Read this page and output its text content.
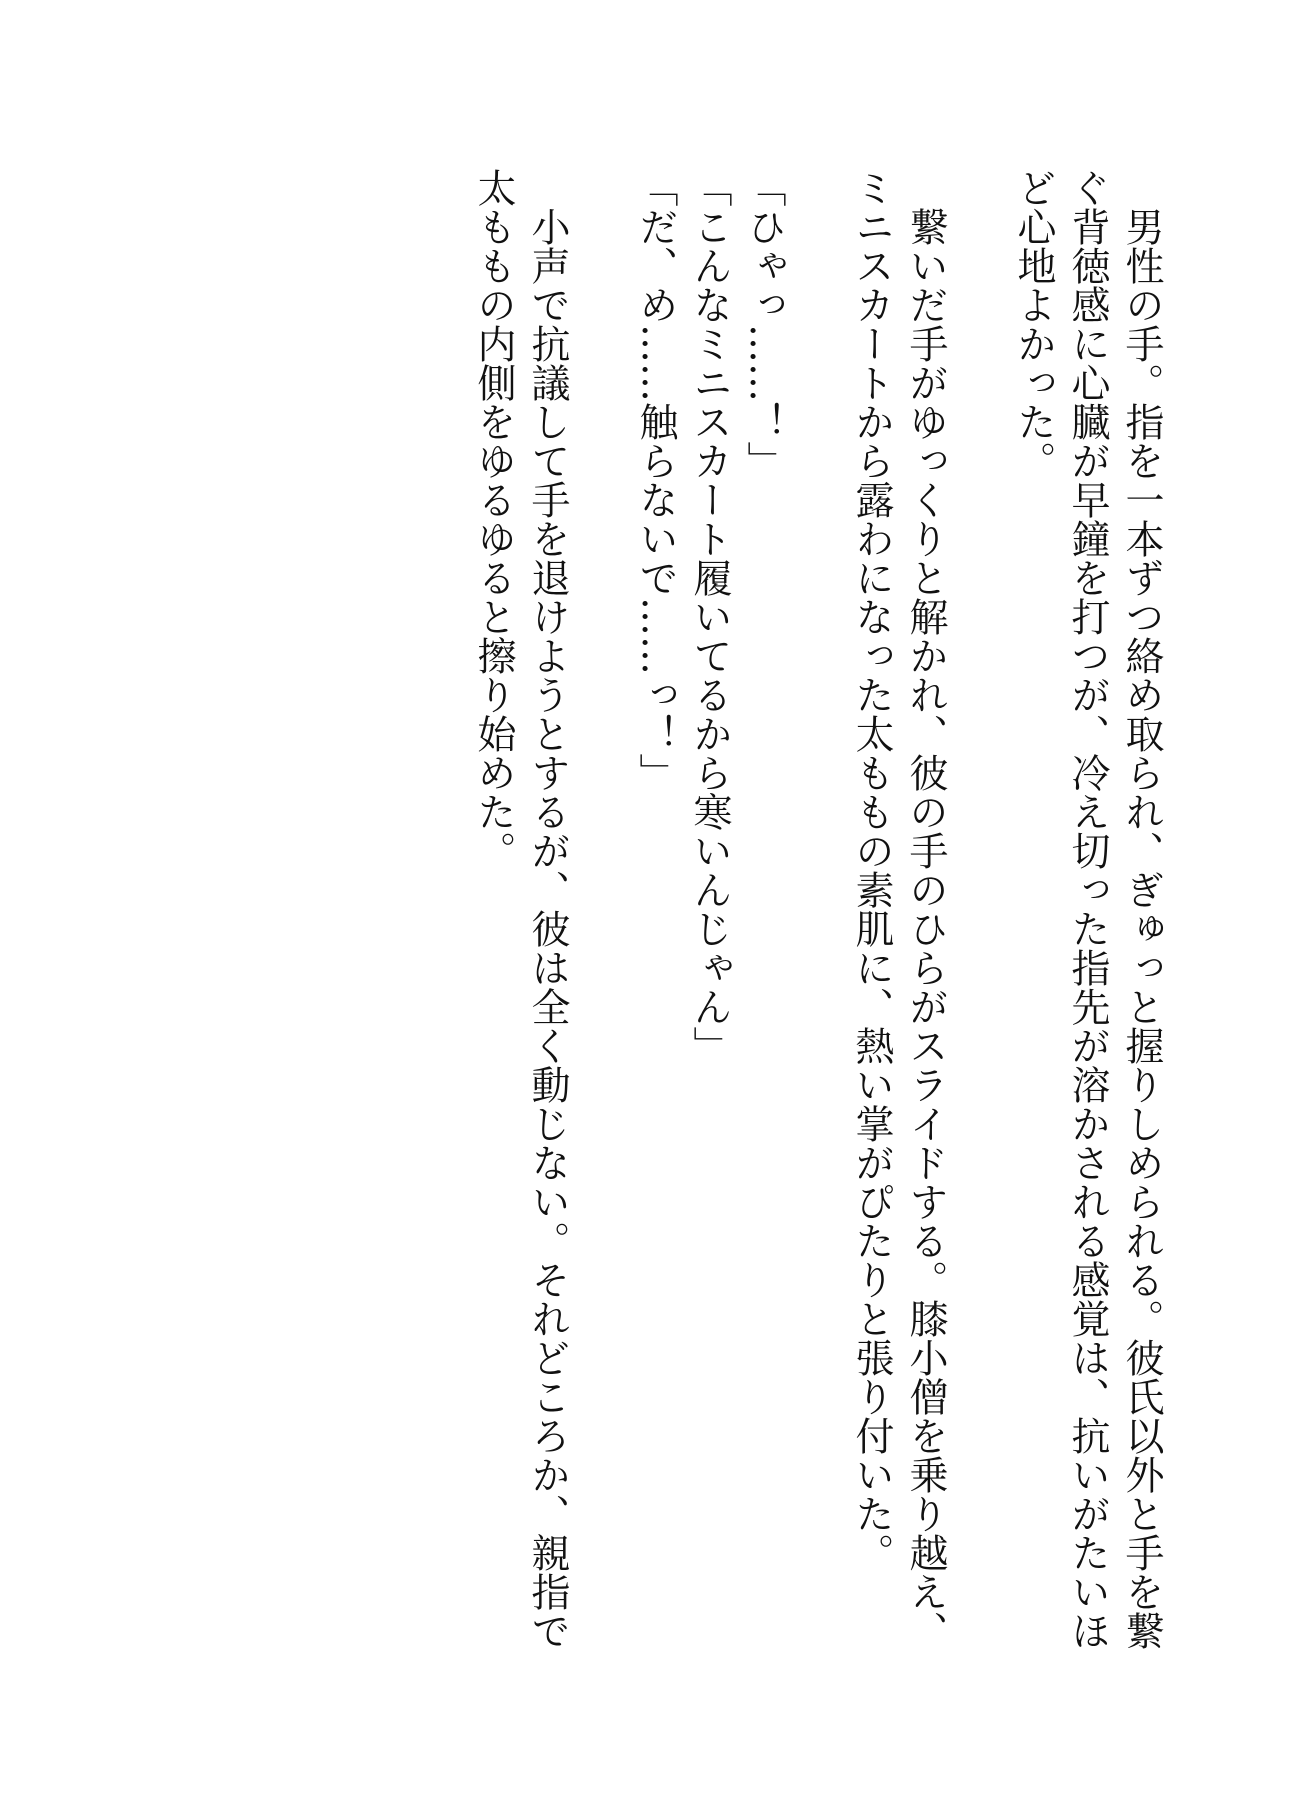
男性の手。指を一本ずつ絡め取られ、ぎゅっと握りしめられる。彼氏以外と手を繋ぐ背徳感に心臓が早鐘を打つが、冷え切った指先が溶かされる感覚は、抗いがたいほど心地よかった。

繋いだ手がゆっくりと解かれ、彼の手のひらがスライドする。膝小僧を乗り越え、ミニスカートから露わになった太ももの素肌に、熱い掌がぴたりと張り付いた。

「ひゃっ……！」

「こんなミニスカート履いてるから寒いんじゃん」

「だ、め……触らないで……っ！」

小声で抗議して手を退けようとするが、彼は全く動じない。それどころか、親指で太ももの内側をゆるゆると擦り始めた。
